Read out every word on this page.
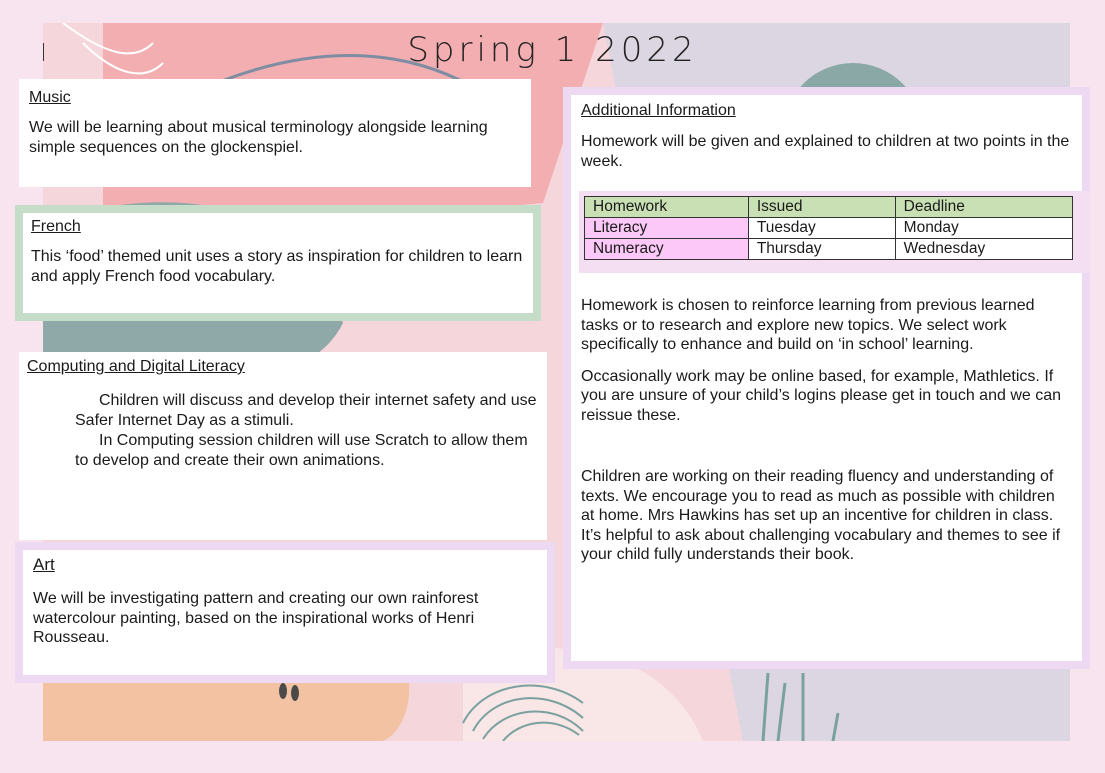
Spring 1 2022
Music

We will be learning about musical terminology alongside learning simple sequences on the glockenspiel.

French

This ‘food’ themed unit uses a story as inspiration for children to learn and apply French food vocabulary.

Computing and Digital Literacy

Children will discuss and develop their internet safety and use Safer Internet Day as a stimuli.

In Computing session children will use Scratch to allow them to develop and create their own animations.

Art

We will be investigating pattern and creating our own rainforest watercolour painting, based on the inspirational works of Henri Rousseau.

Additional Information

Homework will be given and explained to children at two points in the week.

Homework is chosen to reinforce learning from previous learned tasks or to research and explore new topics. We select work specifically to enhance and build on ‘in school’ learning.

Occasionally work may be online based, for example, Mathletics. If you are unsure of your child’s logins please get in touch and we can reissue these.

Children are working on their reading fluency and understanding of texts. We encourage you to read as much as possible with children at home. Mrs Hawkins has set up an incentive for children in class. It’s helpful to ask about challenging vocabulary and themes to see if your child fully understands their book.

Homework	Issued	Deadline
Literacy	Tuesday	Monday
Numeracy	Thursday	Wednesday
